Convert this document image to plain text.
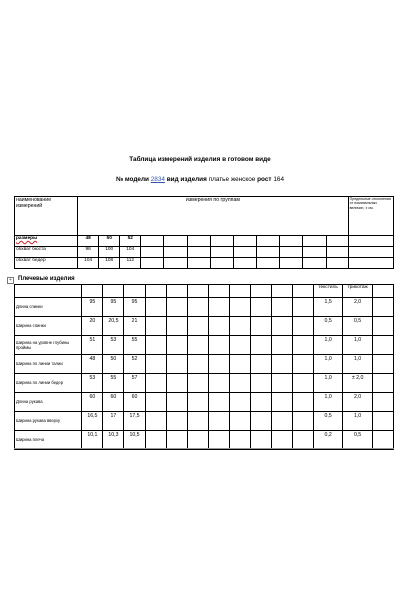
Таблица измерений изделия в готовом виде
№ модели 2834 вид изделия платье женское рост 164
наименование измерений	измерения по группам												Предельные отклонения от номинальных величин, ± см.
размеры	48	50	52										
обхват бюста	96	100	104										
обхват бедер	104	108	112										
+	Плечевые изделия
												текстиль	трикотаж	
Длина спинки	95	95	95									1,5	2,0	
Ширина спинки	20	20,5	21									0,5	0,5	
Ширина на уровне глубины проймы	51	53	55									1,0	1,0	
Ширина по линии талии	48	50	52									1,0	1,0	
Ширина по линии бедер	53	55	57									1,0	± 2,0	
Длина рукава	60	60	60									1,0	2,0	
Ширина рукава вверху	16,5	17	17,5									0,5	1,0	
Ширина плеча	10,1	10,3	10,5									0,2	0,5	
